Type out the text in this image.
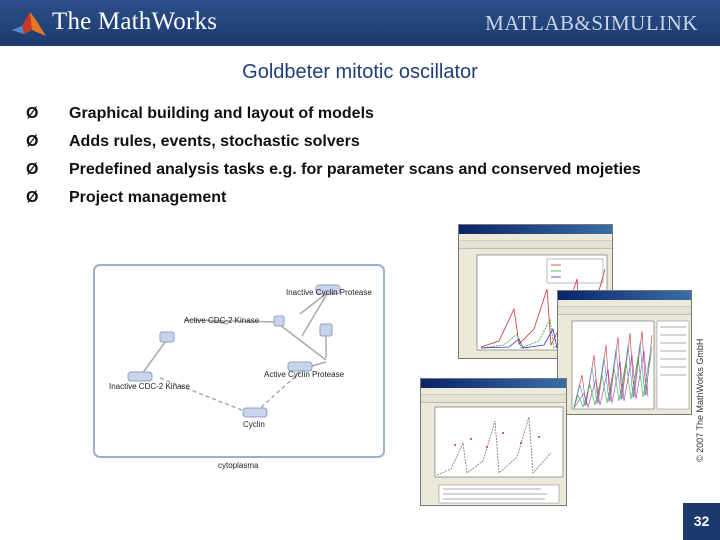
The MathWorks	MATLAB&SIMULINK
Goldbeter mitotic oscillator
Ø Graphical building and layout of models
Ø Adds rules, events, stochastic solvers
Ø Predefined analysis tasks e.g. for parameter scans and conserved mojeties
Ø Project management
Inactive Cyclin Protease
Active CDC-2 Kinase
Active Cyclin Protease
Inactive CDC-2 Kinase
Cyclin
cytoplasma
© 2007 The MathWorks GmbH
32
